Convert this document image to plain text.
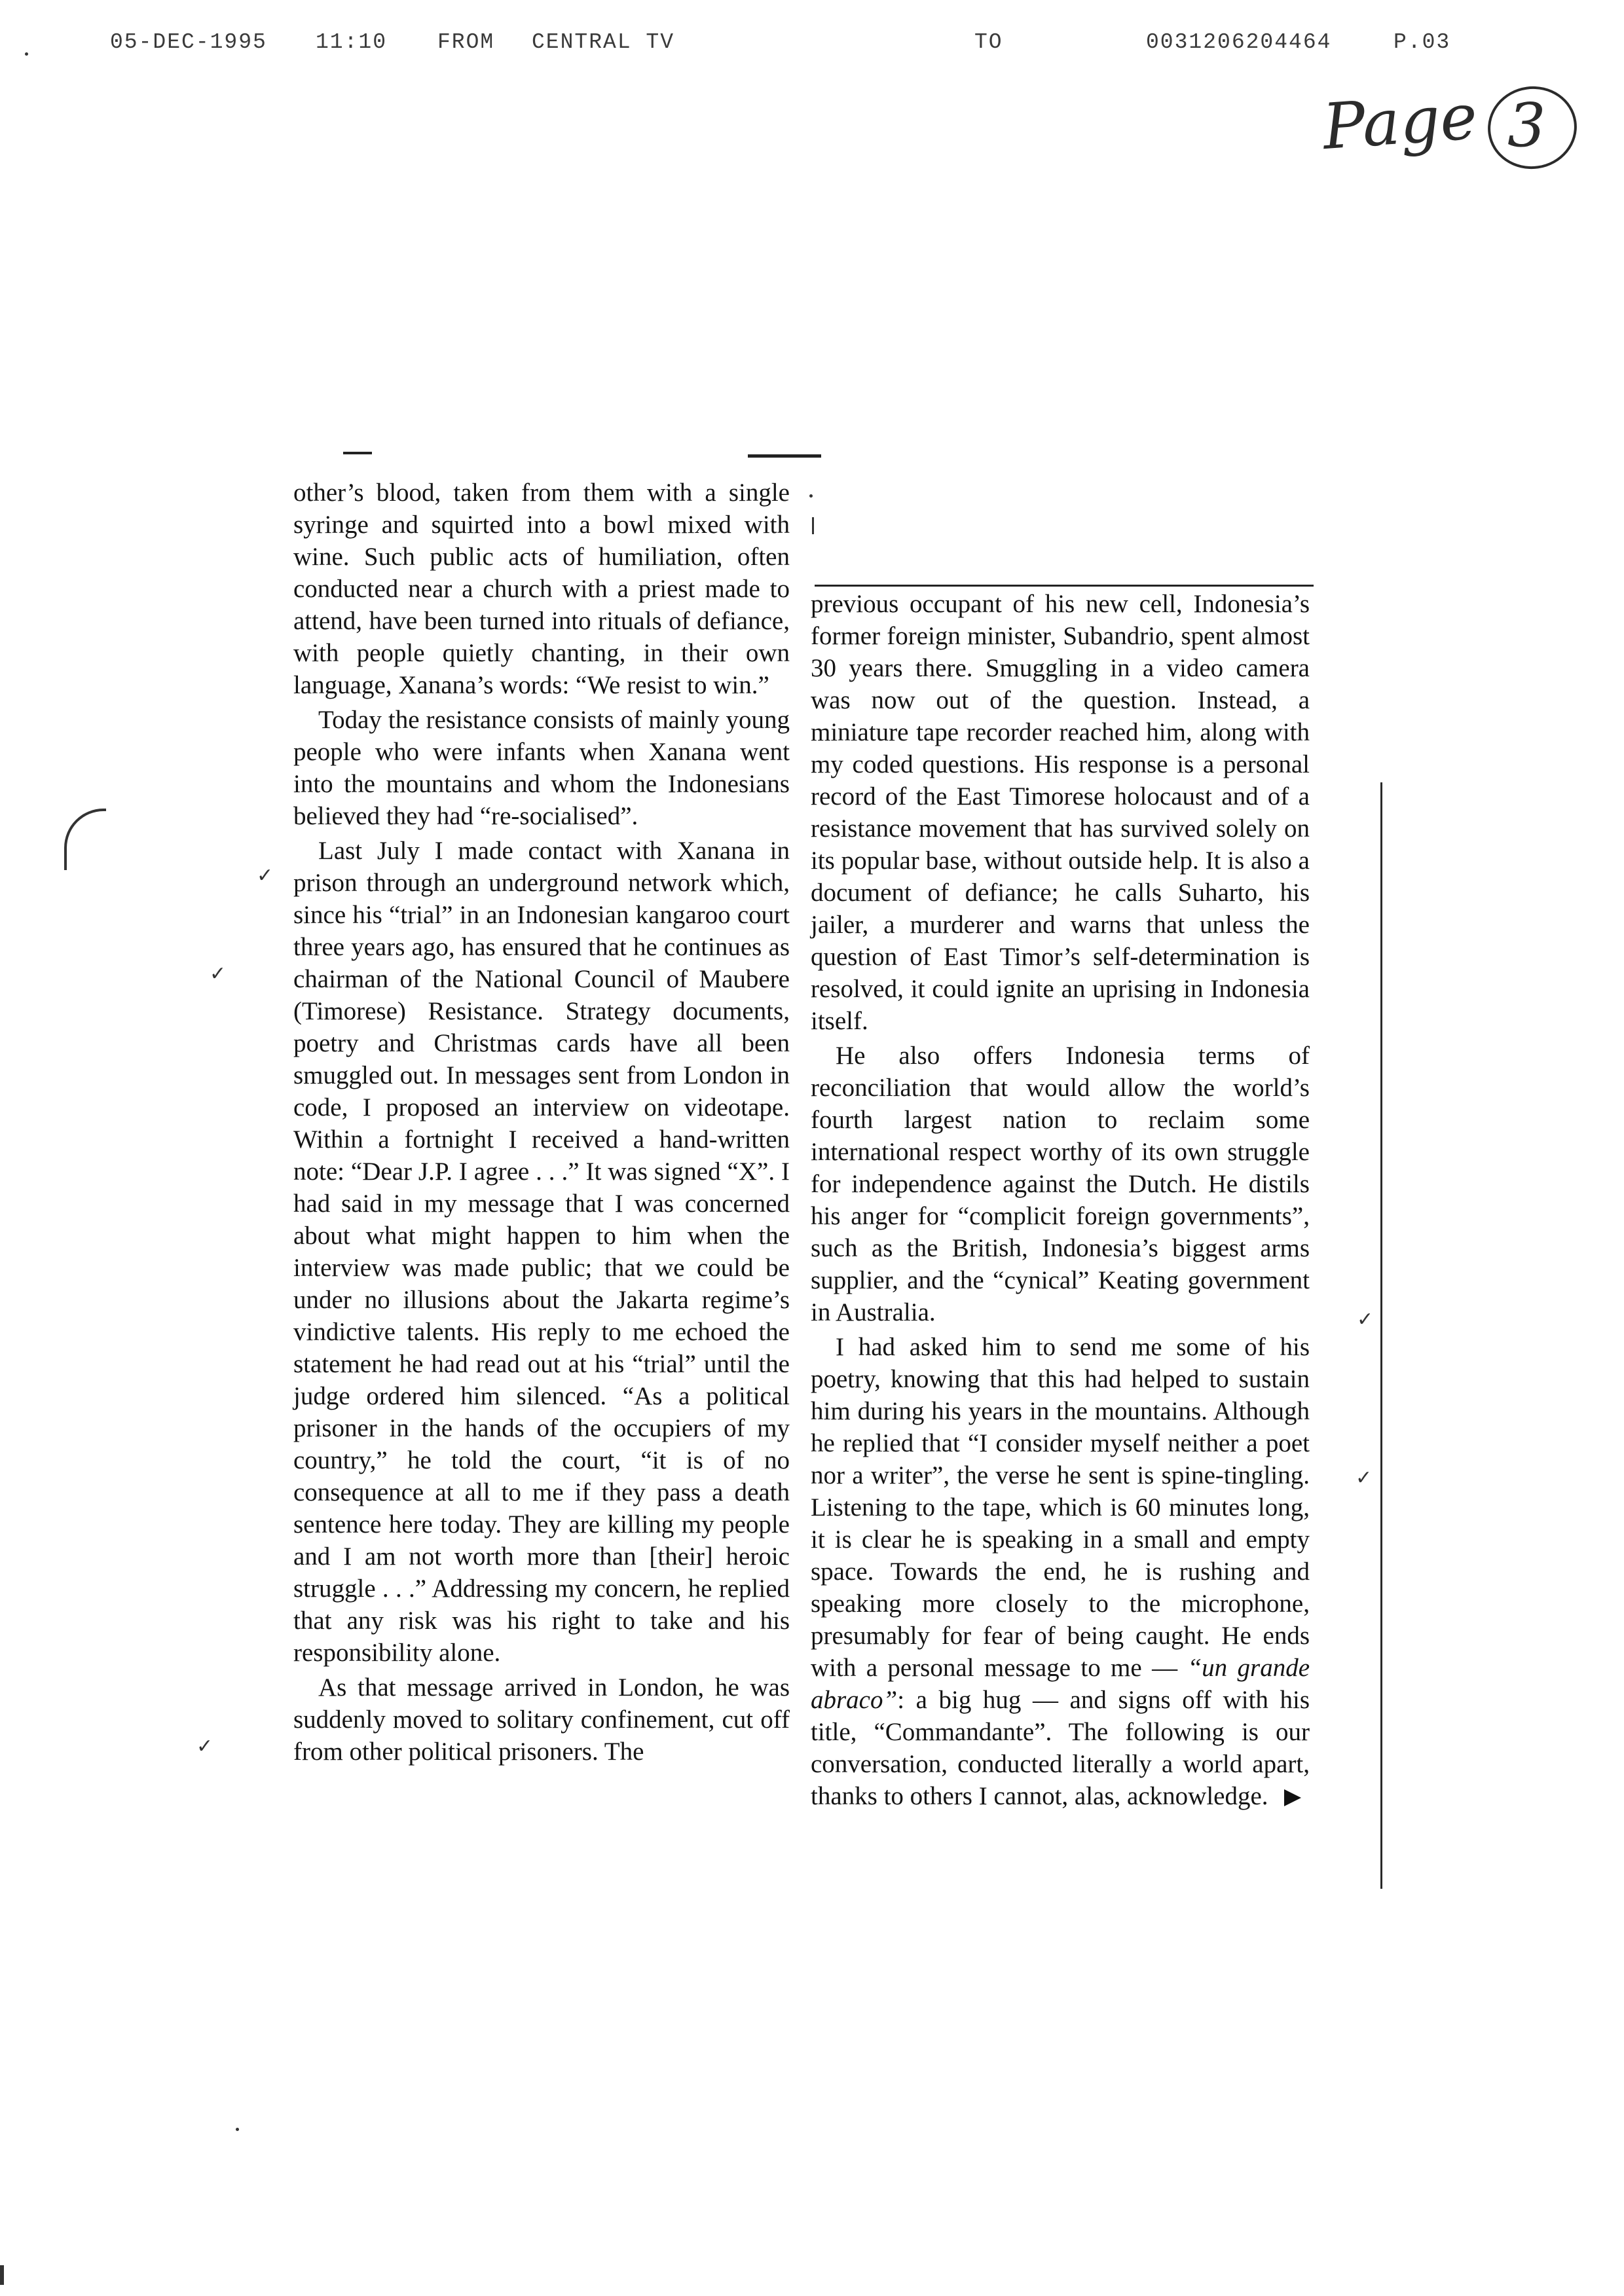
05-DEC-1995 11:10 FROM CENTRAL TV	TO	0031206204464	P.03
Page 3

other’s blood, taken from them with a single syringe and squirted into a bowl mixed with wine. Such public acts of humiliation, often conducted near a church with a priest made to attend, have been turned into rituals of defiance, with people quietly chanting, in their own language, Xanana’s words: “We resist to win.”

Today the resistance consists of mainly young people who were infants when Xanana went into the mountains and whom the Indonesians believed they had “re-socialised”.

Last July I made contact with Xanana in prison through an underground network which, since his “trial” in an Indonesian kangaroo court three years ago, has ensured that he continues as chairman of the National Council of Maubere (Timorese) Resistance. Strategy documents, poetry and Christmas cards have all been smuggled out. In messages sent from London in code, I proposed an interview on videotape. Within a fortnight I received a hand-written note: “Dear J.P. I agree . . .” It was signed “X”. I had said in my message that I was concerned about what might happen to him when the interview was made public; that we could be under no illusions about the Jakarta regime’s vindictive talents. His reply to me echoed the statement he had read out at his “trial” until the judge ordered him silenced. “As a political prisoner in the hands of the occupiers of my country,” he told the court, “it is of no consequence at all to me if they pass a death sentence here today. They are killing my people and I am not worth more than [their] heroic struggle . . .” Addressing my concern, he replied that any risk was his right to take and his responsibility alone.

As that message arrived in London, he was suddenly moved to solitary confinement, cut off from other political prisoners. The

previous occupant of his new cell, Indonesia’s former foreign minister, Subandrio, spent almost 30 years there. Smuggling in a video camera was now out of the question. Instead, a miniature tape recorder reached him, along with my coded questions. His response is a personal record of the East Timorese holocaust and of a resistance movement that has survived solely on its popular base, without outside help. It is also a document of defiance; he calls Suharto, his jailer, a murderer and warns that unless the question of East Timor’s self-determination is resolved, it could ignite an uprising in Indonesia itself.

He also offers Indonesia terms of reconciliation that would allow the world’s fourth largest nation to reclaim some international respect worthy of its own struggle for independence against the Dutch. He distils his anger for “complicit foreign governments”, such as the British, Indonesia’s biggest arms supplier, and the “cynical” Keating government in Australia.

I had asked him to send me some of his poetry, knowing that this had helped to sustain him during his years in the mountains. Although he replied that “I consider myself neither a poet nor a writer”, the verse he sent is spine-tingling. Listening to the tape, which is 60 minutes long, it is clear he is speaking in a small and empty space. Towards the end, he is rushing and speaking more closely to the microphone, presumably for fear of being caught. He ends with a personal message to me — “un grande abraco”: a big hug — and signs off with his title, “Commandante”. The following is our conversation, conducted literally a world apart, thanks to others I cannot, alas, acknowledge.

✓
✓
✓
✓
✓
